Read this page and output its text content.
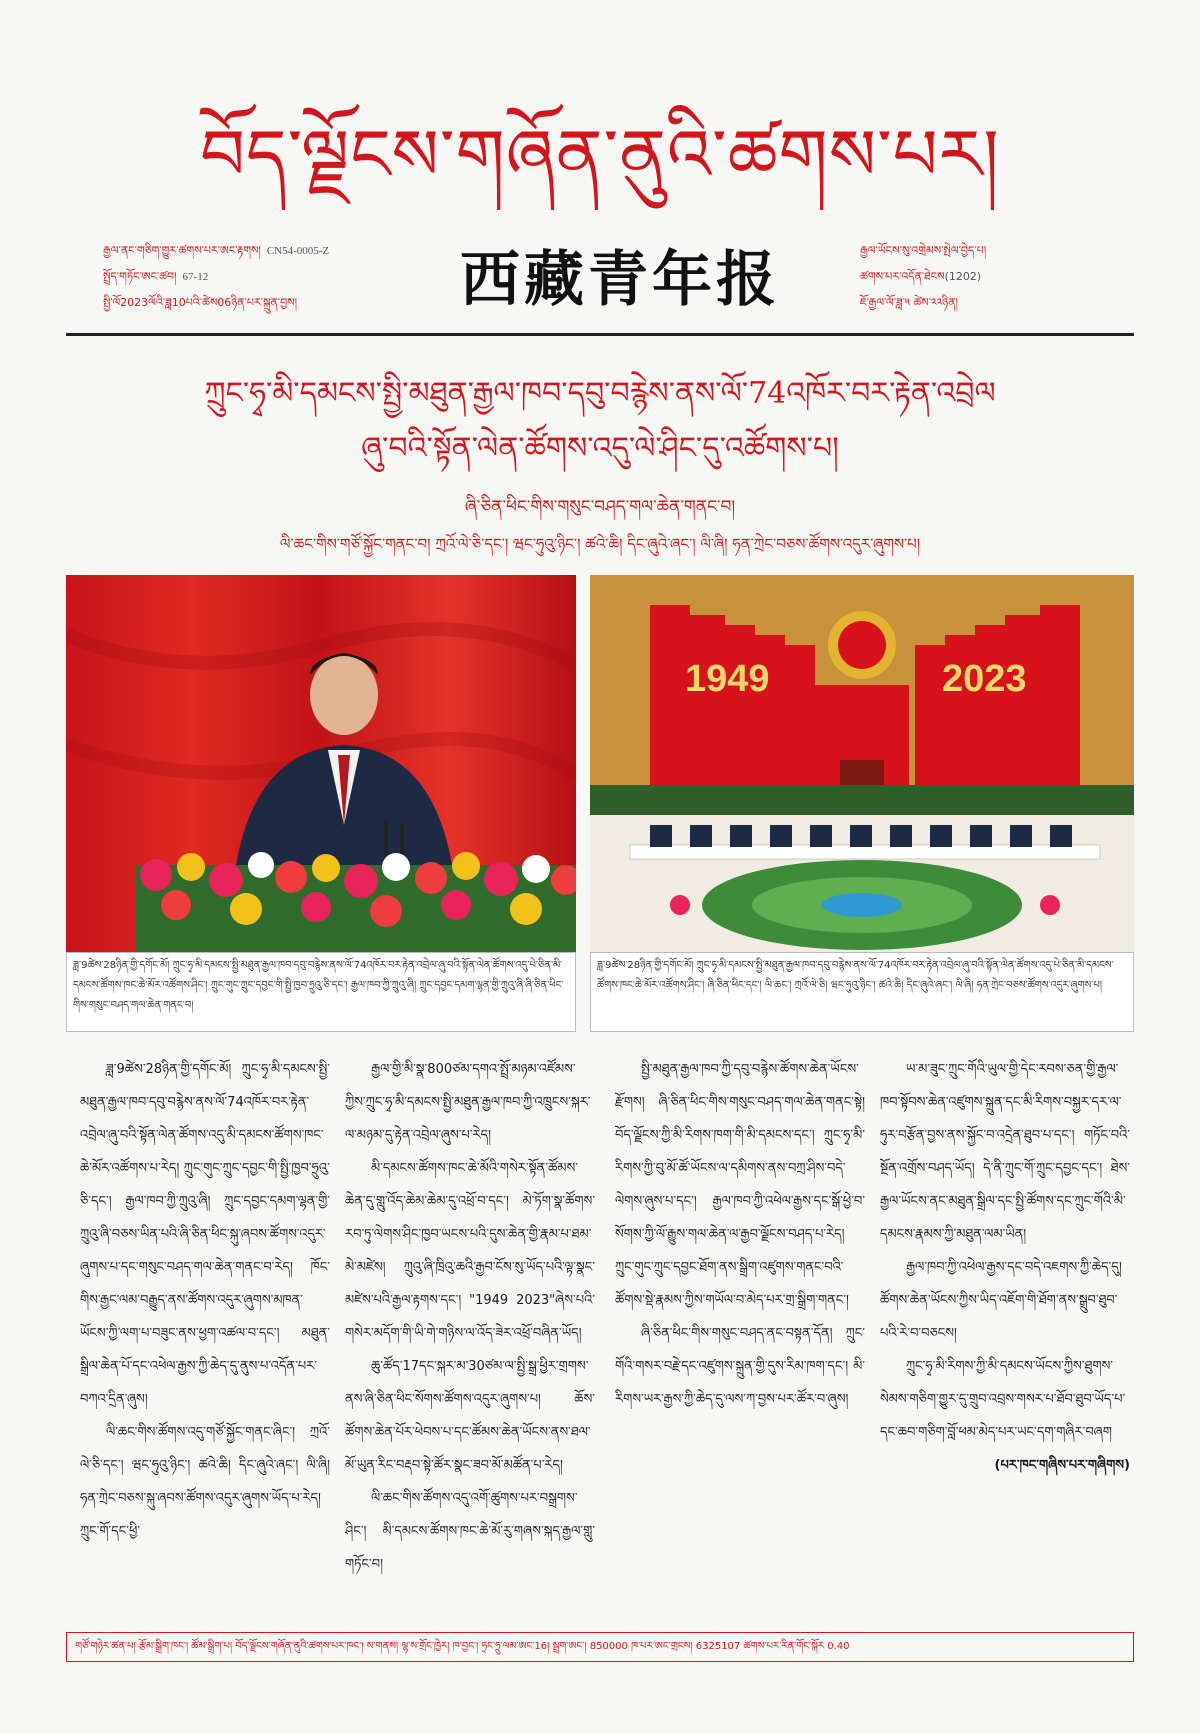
བོད་ལྗོངས་གཞོན་ནུའི་ཚགས་པར།
རྒྱལ་ནང་གཅིག་གྱུར་ཚགས་པར་ཨང་རྟགས། CN54-0005-Z
སྤྲོད་གཏོང་ཨང་ཚབ། 67-12
སྤྱི་ལོ2023ལོའི་ཟླ10པའི་ཚེས06ཉིན་པར་སྐྲུན་བྱས།	西藏青年报	རྒྱལ་ཡོངས་སུ་འགྲེམས་སྤེལ་བྱེད་པ།
ཚགས་པར་འདོན་ཐེངས(1202)
ཇོ་རྒྱལ་ལོ་ཟླ་༥ ཚེས་༢༢ཉིན།
ཀྲུང་ཧྭ་མི་དམངས་སྤྱི་མཐུན་རྒྱལ་ཁབ་དབུ་བརྙེས་ནས་ལོ་74འཁོར་བར་རྟེན་འབྲེལ
ཞུ་བའི་སྟོན་ལེན་ཚོགས་འདུ་ལེ་ཤིང་དུ་འཚོགས་པ།
ཞི་ཅིན་ཕིང་གིས་གསུང་བཤད་གལ་ཆེན་གནང་བ།
ལི་ཆང་གིས་གཙོ་སྐྱོང་གནང་བ། ཀྲའོ་ལེ་ཅི་དང་། ཝང་ཧུའུ་ཉིང་། ཚའེ་ཆི། དིང་ཞུའེ་ཞང་། ལི་ཞི། ཧན་ཀྲེང་བཅས་ཚོགས་འདུར་ཞུགས་པ།
1949	2023
ཟླ་9ཚེས་28ཉིན་གྱི་དགོང་མོ། ཀྲུང་ཧྭ་མི་དམངས་སྤྱི་མཐུན་རྒྱལ་ཁབ་དབུ་བརྙེས་ནས་ལོ་74འཁོར་བར་རྟེན་འབྲེལ་ཞུ་བའི་སྟོན་ལེན་ཚོགས་འདུ་པེ་ཅིན་མི་དམངས་ཚོགས་ཁང་ཆེ་མོར་འཚོགས་ཤིང་། ཀྲུང་གུང་ཀྲུང་དབྱང་གི་སྤྱི་ཁྱབ་ཧྲུའུ་ཅི་དང་། རྒྱལ་ཁབ་ཀྱི་ཀྲུའུ་ཞི། ཀྲུང་དབྱང་དམག་ལྷན་གྱི་ཀྲུའུ་ཞི་ཞི་ཅིན་ཕིང་གིས་གསུང་བཤད་གལ་ཆེན་གནང་བ།
ཟླ་9ཚེས་28ཉིན་གྱི་དགོང་མོ། ཀྲུང་ཧྭ་མི་དམངས་སྤྱི་མཐུན་རྒྱལ་ཁབ་དབུ་བརྙེས་ནས་ལོ་74འཁོར་བར་རྟེན་འབྲེལ་ཞུ་བའི་སྟོན་ལེན་ཚོགས་འདུ་པེ་ཅིན་མི་དམངས་ཚོགས་ཁང་ཆེ་མོར་འཚོགས་ཤིང་། ཞི་ཅིན་ཕིང་དང་། ལི་ཆང་། ཀྲའོ་ལེ་ཅི། ཝང་ཧུའུ་ཉིང་། ཚའེ་ཆི། དིང་ཞུའེ་ཞང་། ལི་ཞི། ཧན་ཀྲེང་བཅས་ཚོགས་འདུར་ཞུགས་པ།

ཟླ་9ཚེས་28ཉིན་གྱི་དགོང་མོ། ཀྲུང་ཧྭ་མི་དམངས་སྤྱི་མཐུན་རྒྱལ་ཁབ་དབུ་བརྙེས་ནས་ལོ་74འཁོར་བར་རྟེན་འབྲེལ་ཞུ་བའི་སྟོན་ལེན་ཚོགས་འདུ་མི་དམངས་ཚོགས་ཁང་ཆེ་མོར་འཚོགས་པ་རེད། ཀྲུང་གུང་ཀྲུང་དབྱང་གི་སྤྱི་ཁྱབ་ཧྲུའུ་ཅི་དང་། རྒྱལ་ཁབ་ཀྱི་ཀྲུའུ་ཞི། ཀྲུང་དབྱང་དམག་ལྷན་གྱི་ཀྲུའུ་ཞི་བཅས་ཡིན་པའི་ཞི་ཅིན་ཕིང་སྐུ་ཞབས་ཚོགས་འདུར་ཞུགས་པ་དང་གསུང་བཤད་གལ་ཆེན་གནང་བ་རེད། ཁོང་གིས་རྒྱང་ལམ་བརྒྱུད་ནས་ཚོགས་འདུར་ཞུགས་མཁན་ཡོངས་ཀྱི་ལག་པ་བཟུང་ནས་ཕྱག་འཚལ་བ་དང་། མཐུན་སྒྲིལ་ཆེན་པོ་དང་འཕེལ་རྒྱས་ཀྱི་ཆེད་དུ་ནུས་པ་འདོན་པར་བཀའ་དྲིན་ཞུས།

ལི་ཆང་གིས་ཚོགས་འདུ་གཙོ་སྐྱོང་གནང་ཞིང་། ཀྲའོ་ལེ་ཅི་དང་། ཝང་ཧུའུ་ཉིང་། ཚའེ་ཆི། དིང་ཞུའེ་ཞང་། ལི་ཞི། ཧན་ཀྲེང་བཅས་སྐུ་ཞབས་ཚོགས་འདུར་ཞུགས་ཡོད་པ་རེད། ཀྲུང་གོ་དང་ཕྱི་

རྒྱལ་གྱི་མི་སྣ་800ཙམ་དགའ་སྤྲོ་མཉམ་འཛོམས་ཀྱིས་ཀྲུང་ཧྭ་མི་དམངས་སྤྱི་མཐུན་རྒྱལ་ཁབ་ཀྱི་འཁྲུངས་སྐར་ལ་མཉམ་དུ་རྟེན་འབྲེལ་ཞུས་པ་རེད།

མི་དམངས་ཚོགས་ཁང་ཆེ་མོའི་གསེར་སྟོན་ཚོམས་ཆེན་དུ་གླུ་འོད་ཆེམ་ཆེམ་དུ་འཕྲོ་བ་དང་། མེ་ཏོག་སྣ་ཚོགས་རབ་ཏུ་ལེགས་ཤིང་ཁྱབ་ཡངས་པའི་དུས་ཆེན་གྱི་རྣམ་པ་ཐམ་མེ་མཛེས། ཀྲུའུ་ཞི་ཁྲིའུ་ཆའི་རྒྱབ་ངོས་སུ་ཡོད་པའི་ལྟ་སྣང་མཛེས་པའི་རྒྱལ་རྟགས་དང་། "1949 2023"ཞེས་པའི་གསེར་མདོག་གི་ཡི་གེ་གཉིས་ལ་འོད་ཟེར་འཕྲོ་བཞིན་ཡོད།

ཆུ་ཚོད་17དང་སྐར་མ་30ཙམ་ལ་སྤྱི་སྒྲ་ཕྱིར་གྲགས་ནས་ཞི་ཅིན་ཕིང་སོགས་ཚོགས་འདུར་ཞུགས་པ། ཆོས་ཚོགས་ཆེན་པོར་ཕེབས་པ་དང་ཚོམས་ཆེན་ཡོངས་ནས་ཐལ་མོ་ཡུན་རིང་བརྡབ་སྟེ་ཚོར་སྣང་ཟབ་མོ་མཚོན་པ་རེད།

ལི་ཆང་གིས་ཚོགས་འདུ་འགོ་ཚུགས་པར་བསྒྲགས་ཤིང་། མི་དམངས་ཚོགས་ཁང་ཆེ་མོ་རུ་གཞས་སྐད་རྒྱལ་གླུ་གཏོང་བ།

སྤྱི་མཐུན་རྒྱལ་ཁབ་ཀྱི་དབུ་བརྙེས་ཚོགས་ཆེན་ཡོངས་རྫོགས། ཞི་ཅིན་ཕིང་གིས་གསུང་བཤད་གལ་ཆེན་གནང་སྟེ། བོད་ལྗོངས་ཀྱི་མི་རིགས་ཁག་གི་མི་དམངས་དང་། ཀྲུང་ཧྭ་མི་རིགས་ཀྱི་བུ་མོ་ཚོ་ཡོངས་ལ་དམིགས་ནས་བཀྲ་ཤིས་བདེ་ལེགས་ཞུས་པ་དང་། རྒྱལ་ཁབ་ཀྱི་འཕེལ་རྒྱས་དང་སྒོ་ཕྱེ་བ་སོགས་ཀྱི་ལོ་རྒྱུས་གལ་ཆེན་ལ་རྒྱབ་ལྗོངས་བཤད་པ་རེད། ཀྲུང་གུང་ཀྲུང་དབྱང་ཐོག་ནས་སྒྲིག་འཛུགས་གནང་བའི་ཚོགས་སྡེ་རྣམས་ཀྱིས་གཡོལ་བ་མེད་པར་གྲ་སྒྲིག་གནང་།

ཞི་ཅིན་ཕིང་གིས་གསུང་བཤད་ནང་བསྟན་དོན། ཀྲུང་གོའི་གསར་བརྗེ་དང་འཛུགས་སྐྲུན་གྱི་དུས་རིམ་ཁག་དང་། མི་རིགས་ཡར་རྒྱས་ཀྱི་ཆེད་དུ་ལས་ཀ་བྱས་པར་ཚོར་བ་ཞུས།

ཡ་མ་ཟུང་ཀྲུང་གོའི་ཡུལ་གྱི་དེང་རབས་ཅན་གྱི་རྒྱལ་ཁབ་སྟོབས་ཆེན་འཛུགས་སྐྲུན་དང་མི་རིགས་བསྐྱར་དར་ལ་ཧུར་བརྩོན་བྱས་ནས་སྐྱོང་བ་འདྲེན་ཐུབ་པ་དང་། གཏོང་བའི་སྔོན་འགྲོས་བཤད་ཡོད། དེ་ནི་ཀྲུང་གོ་ཀྲུང་དབྱང་དང་། ཐེས་རྒྱལ་ཡོངས་ནང་མཐུན་སྒྲིལ་དང་སྤྱི་ཚོགས་དང་ཀྲུང་གོའི་མི་དམངས་རྣམས་ཀྱི་མཐུན་ལམ་ཡིན།

རྒྱལ་ཁབ་ཀྱི་འཕེལ་རྒྱས་དང་བདེ་འཇགས་ཀྱི་ཆེད་དུ། ཚོགས་ཆེན་ཡོངས་ཀྱིས་ཡིད་འཇོག་གི་ཐོག་ནས་སྒྲུབ་ཐུབ་པའི་རེ་བ་བཅངས།

ཀྲུང་ཧྭ་མི་རིགས་ཀྱི་མི་དམངས་ཡོངས་ཀྱིས་ཐུགས་སེམས་གཅིག་གྱུར་དུ་གྲུབ་འབྲས་གསར་པ་ཐོབ་ཐུབ་ཡོད་པ་དང་ཆབ་གཅིག་བློ་ཕམ་མེད་པར་ཡང་དག་གཞིར་བཞག

(པར་ཁང་གཞིས་པར་གཞིགས)
གཙོ་གཉེར་ཚན་པ། རྩོམ་སྒྲིག་ཁང་། ཚོམ་སྒྲིག་པ། བོད་ལྗོངས་གཞོན་ནུའི་ཚགས་པར་ཁང་། ས་གནས། ལྷ་ས་གྲོང་ཁྱེར། ཁ་བྱང་། ཧྲང་ཧྲུ་ལམ་ཨང་16། སྦྲག་ཨང་། 850000 ཁ་པར་ཨང་གྲངས། 6325107 ཚགས་པར་རིན་གོང་སྐོར 0.40
